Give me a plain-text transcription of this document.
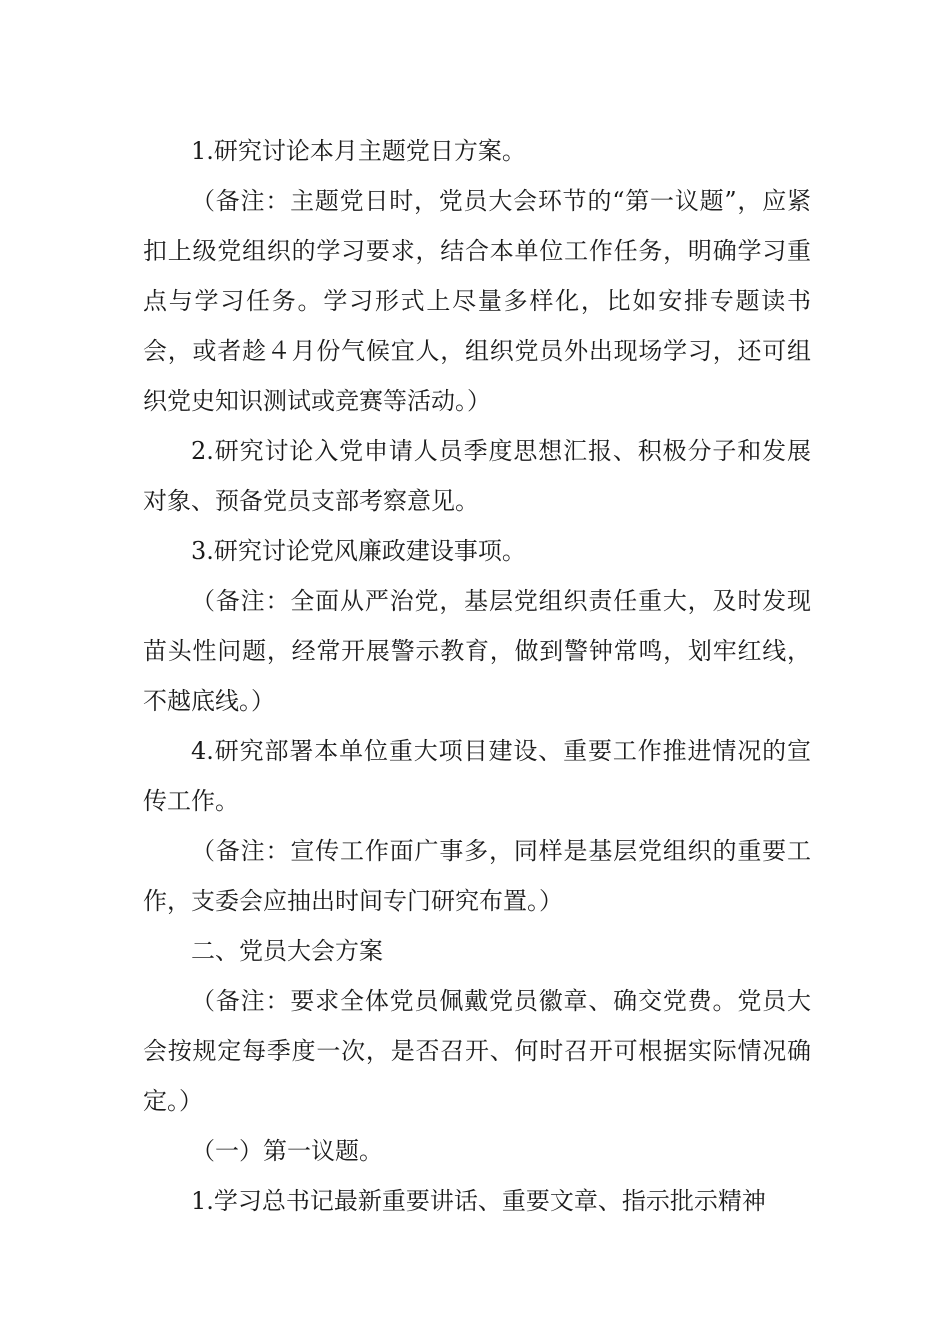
1.研究讨论本月主题党日方案。

（备注：主题党日时，党员大会环节的“第一议题”，应紧扣上级党组织的学习要求，结合本单位工作任务，明确学习重点与学习任务。学习形式上尽量多样化，比如安排专题读书会，或者趁４月份气候宜人，组织党员外出现场学习，还可组织党史知识测试或竞赛等活动。）

2.研究讨论入党申请人员季度思想汇报、积极分子和发展对象、预备党员支部考察意见。

3.研究讨论党风廉政建设事项。

（备注：全面从严治党，基层党组织责任重大，及时发现苗头性问题，经常开展警示教育，做到警钟常鸣，划牢红线，不越底线。）

4.研究部署本单位重大项目建设、重要工作推进情况的宣传工作。

（备注：宣传工作面广事多，同样是基层党组织的重要工作，支委会应抽出时间专门研究布置。）

二、党员大会方案

（备注：要求全体党员佩戴党员徽章、确交党费。党员大会按规定每季度一次，是否召开、何时召开可根据实际情况确定。）

（一）第一议题。

1.学习总书记最新重要讲话、重要文章、指示批示精神
